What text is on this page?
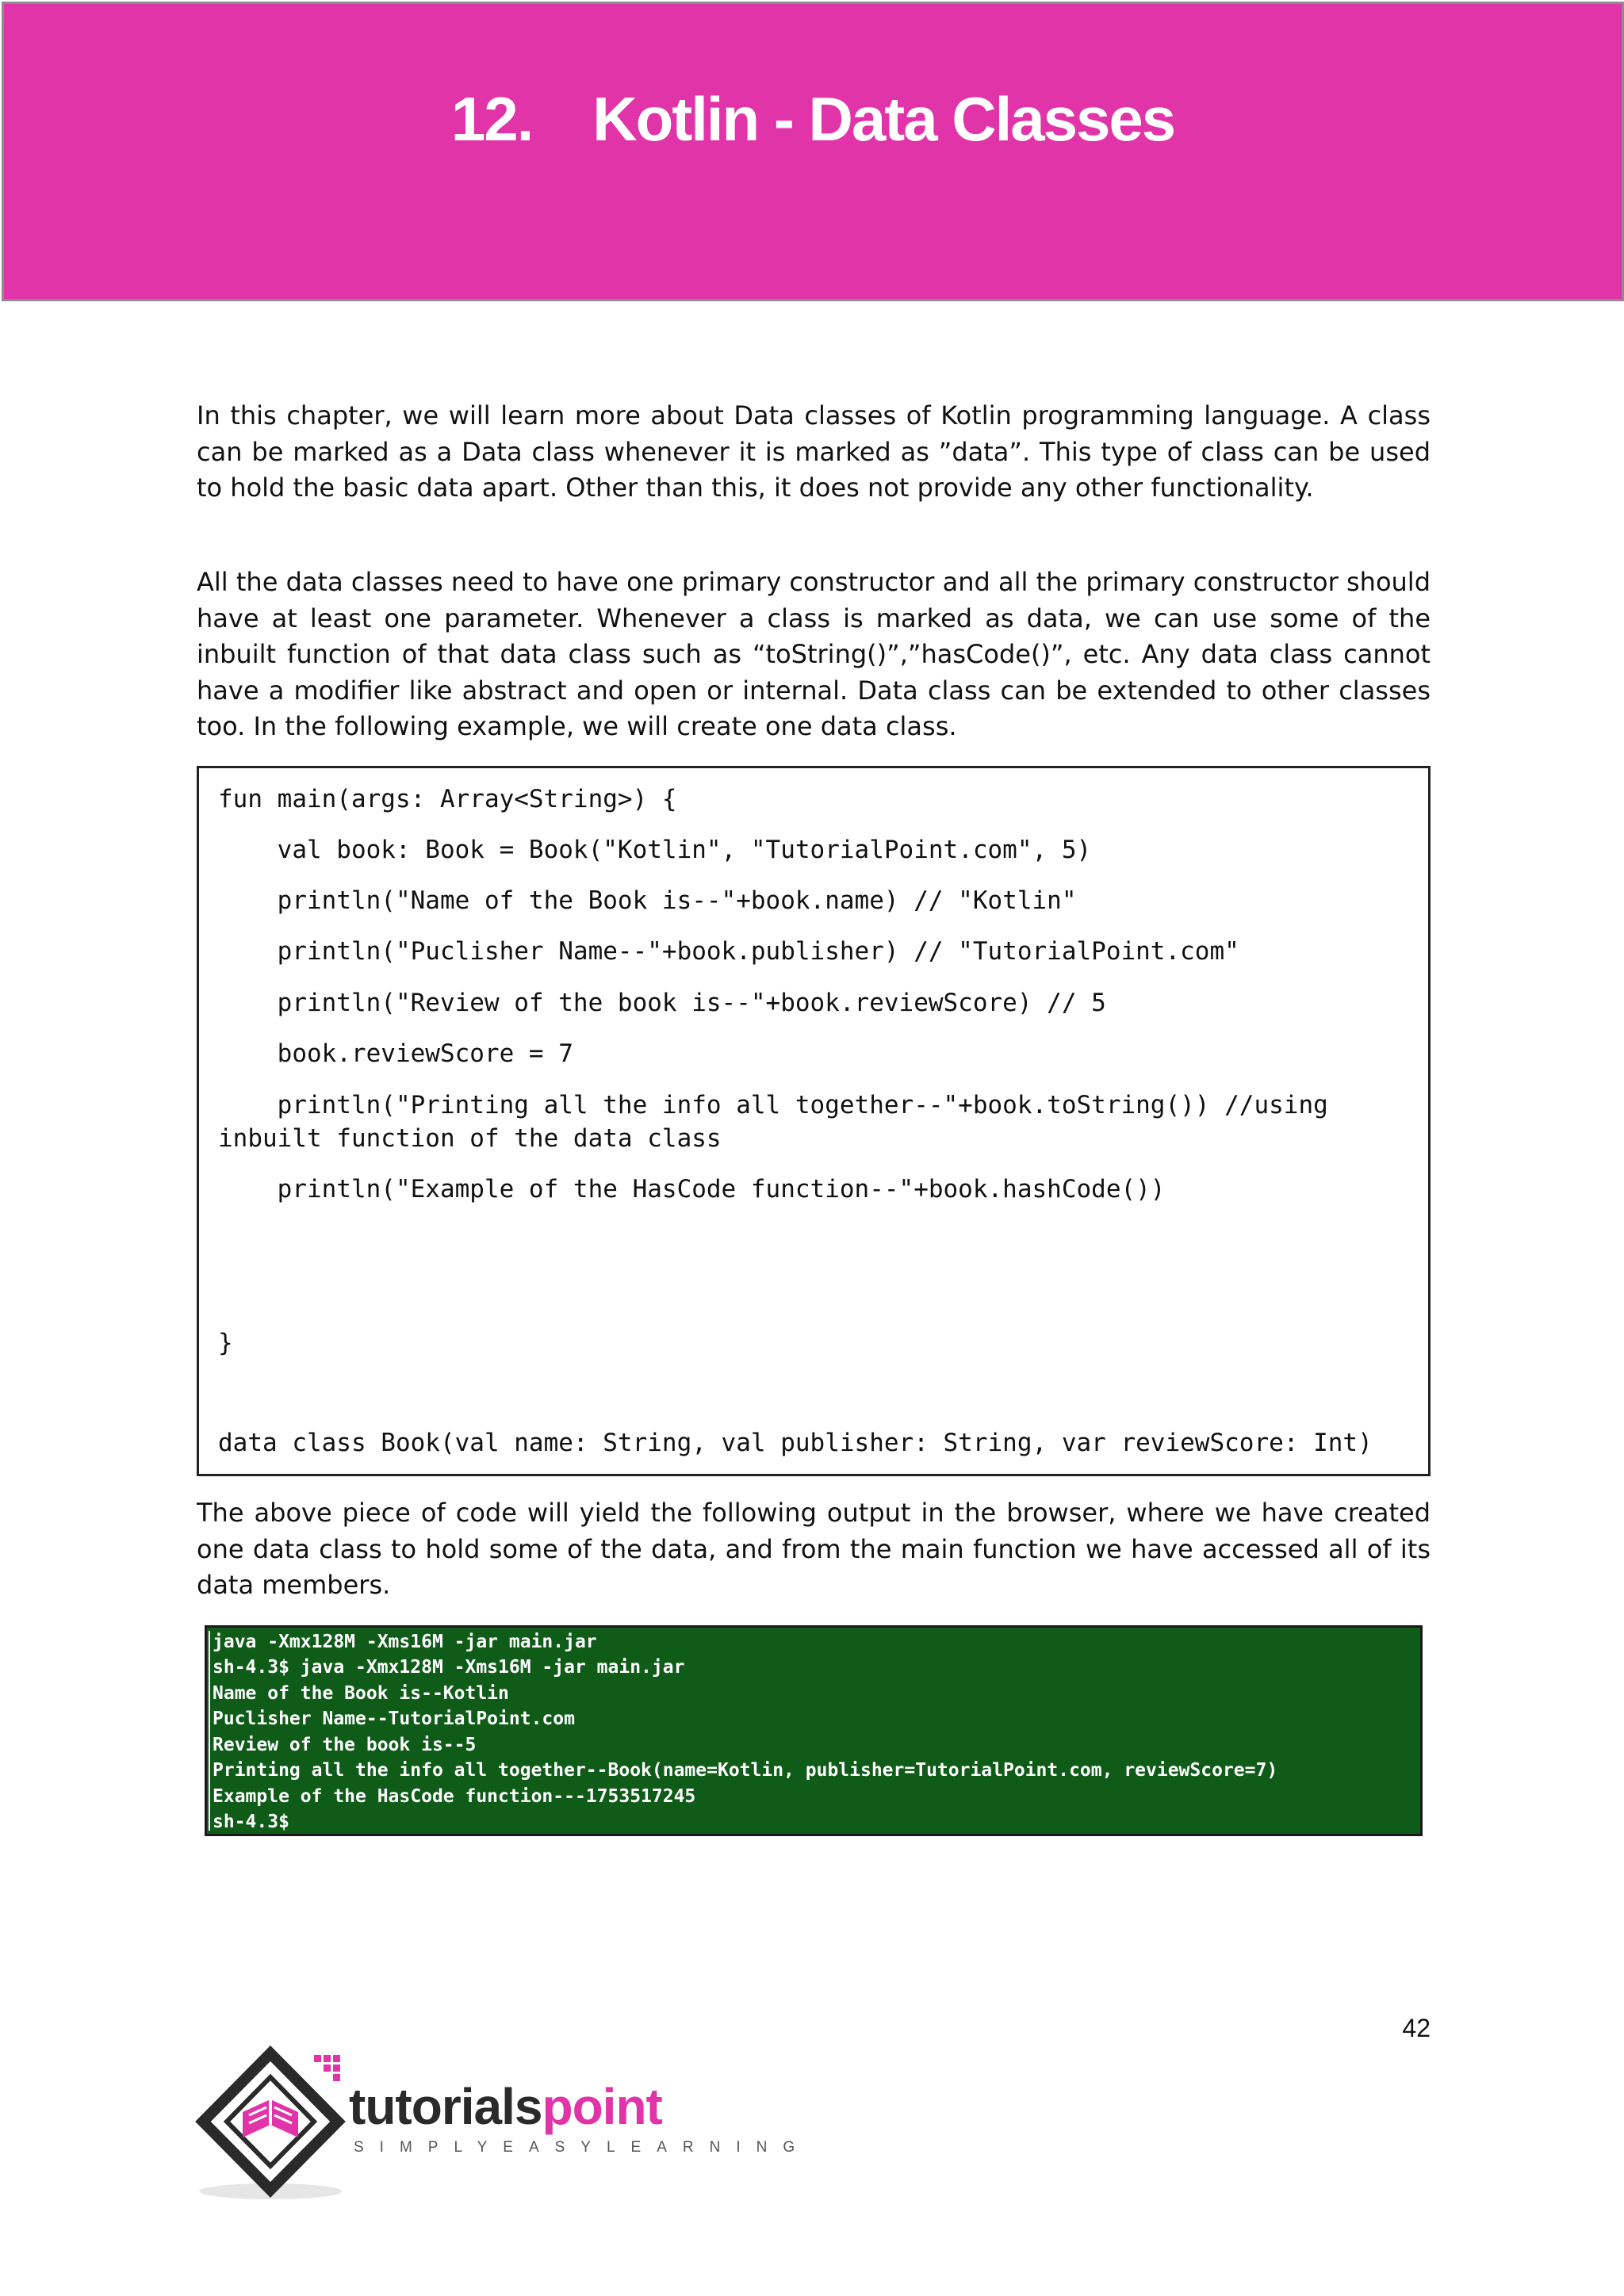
12. Kotlin - Data Classes

In this chapter, we will learn more about Data classes of Kotlin programming language. A class can be marked as a Data class whenever it is marked as ”data”. This type of class can be used to hold the basic data apart. Other than this, it does not provide any other functionality.

All the data classes need to have one primary constructor and all the primary constructor should have at least one parameter. Whenever a class is marked as data, we can use some of the inbuilt function of that data class such as “toString()”,”hasCode()”, etc. Any data class cannot have a modifier like abstract and open or internal. Data class can be extended to other classes too. In the following example, we will create one data class.

fun main(args: Array<String>) {
val book: Book = Book("Kotlin", "TutorialPoint.com", 5)
println("Name of the Book is--"+book.name) // "Kotlin"
println("Puclisher Name--"+book.publisher) // "TutorialPoint.com"
println("Review of the book is--"+book.reviewScore) // 5
book.reviewScore = 7
println("Printing all the info all together--"+book.toString()) //using
inbuilt function of the data class
println("Example of the HasCode function--"+book.hashCode())
}
data class Book(val name: String, val publisher: String, var reviewScore: Int)

The above piece of code will yield the following output in the browser, where we have created one data class to hold some of the data, and from the main function we have accessed all of its data members.

java -Xmx128M -Xms16M -jar main.jar
sh-4.3$ java -Xmx128M -Xms16M -jar main.jar
Name of the Book is--Kotlin
Puclisher Name--TutorialPoint.com
Review of the book is--5
Printing all the info all together--Book(name=Kotlin, publisher=TutorialPoint.com, reviewScore=7)
Example of the HasCode function---1753517245
sh-4.3$
42
tutorialspoint
SIMPLYEASYLEARNING
